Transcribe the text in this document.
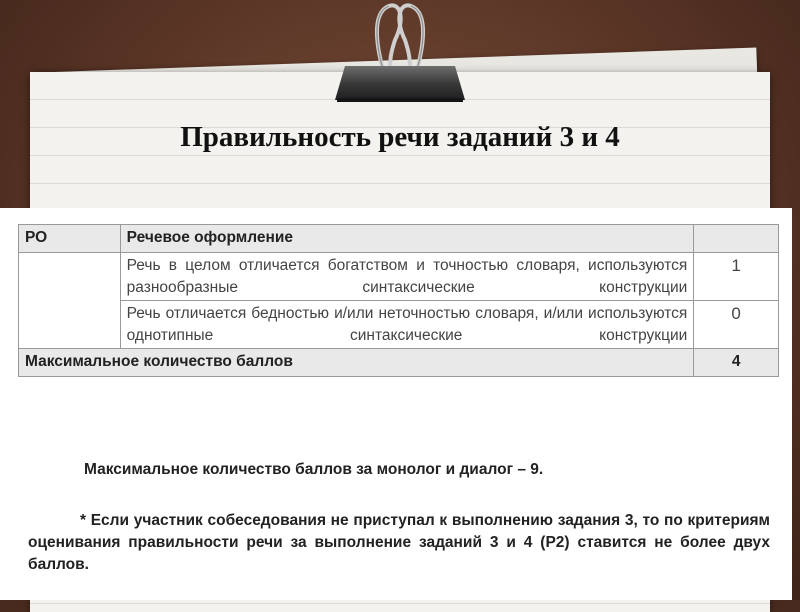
Правильность речи заданий 3 и 4
РО	Речевое оформление	
	Речь в целом отличается богатством и точностью словаря, используются разнообразные синтаксические конструкции	1
	Речь отличается бедностью и/или неточностью словаря, и/или используются однотипные синтаксические конструкции	0
Максимальное количество баллов		4
Максимальное количество баллов за монолог и диалог – 9.
* Если участник собеседования не приступал к выполнению задания 3, то по критериям оценивания правильности речи за выполнение заданий 3 и 4 (Р2) ставится не более двух баллов.
